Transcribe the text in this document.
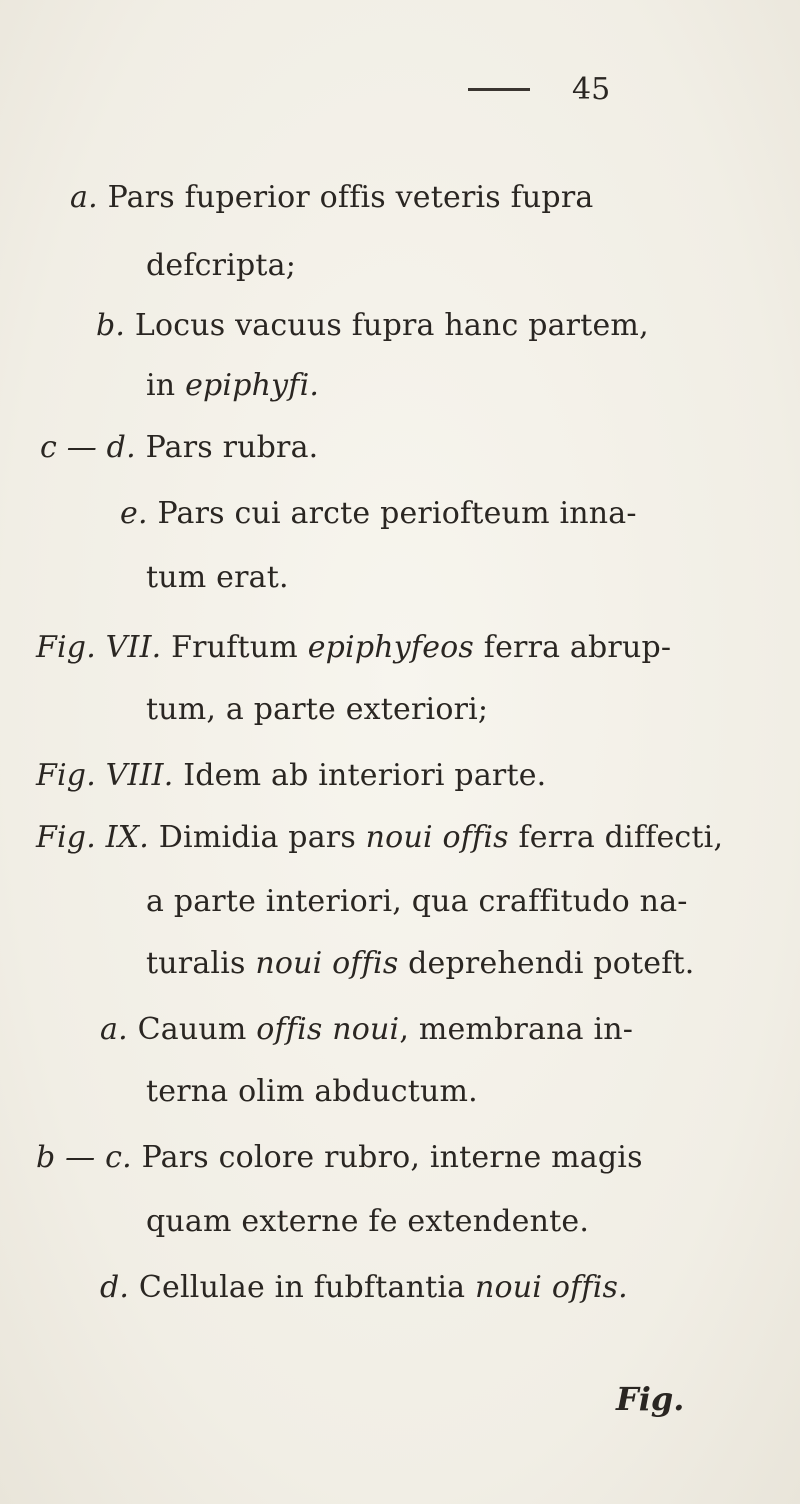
45
a. Pars fuperior offis veteris fupra
defcripta;
b. Locus vacuus fupra hanc partem,
in epiphyfi.
c — d. Pars rubra.
e. Pars cui arcte periofteum inna-
tum erat.
Fig. VII. Fruftum epiphyfeos ferra abrup-
tum, a parte exteriori;
Fig. VIII. Idem ab interiori parte.
Fig. IX. Dimidia pars noui offis ferra diffecti,
a parte interiori, qua craffitudo na-
turalis noui offis deprehendi poteft.
a. Cauum offis noui, membrana in-
terna olim abductum.
b — c. Pars colore rubro, interne magis
quam externe fe extendente.
d. Cellulae in fubftantia noui offis.
Fig.
